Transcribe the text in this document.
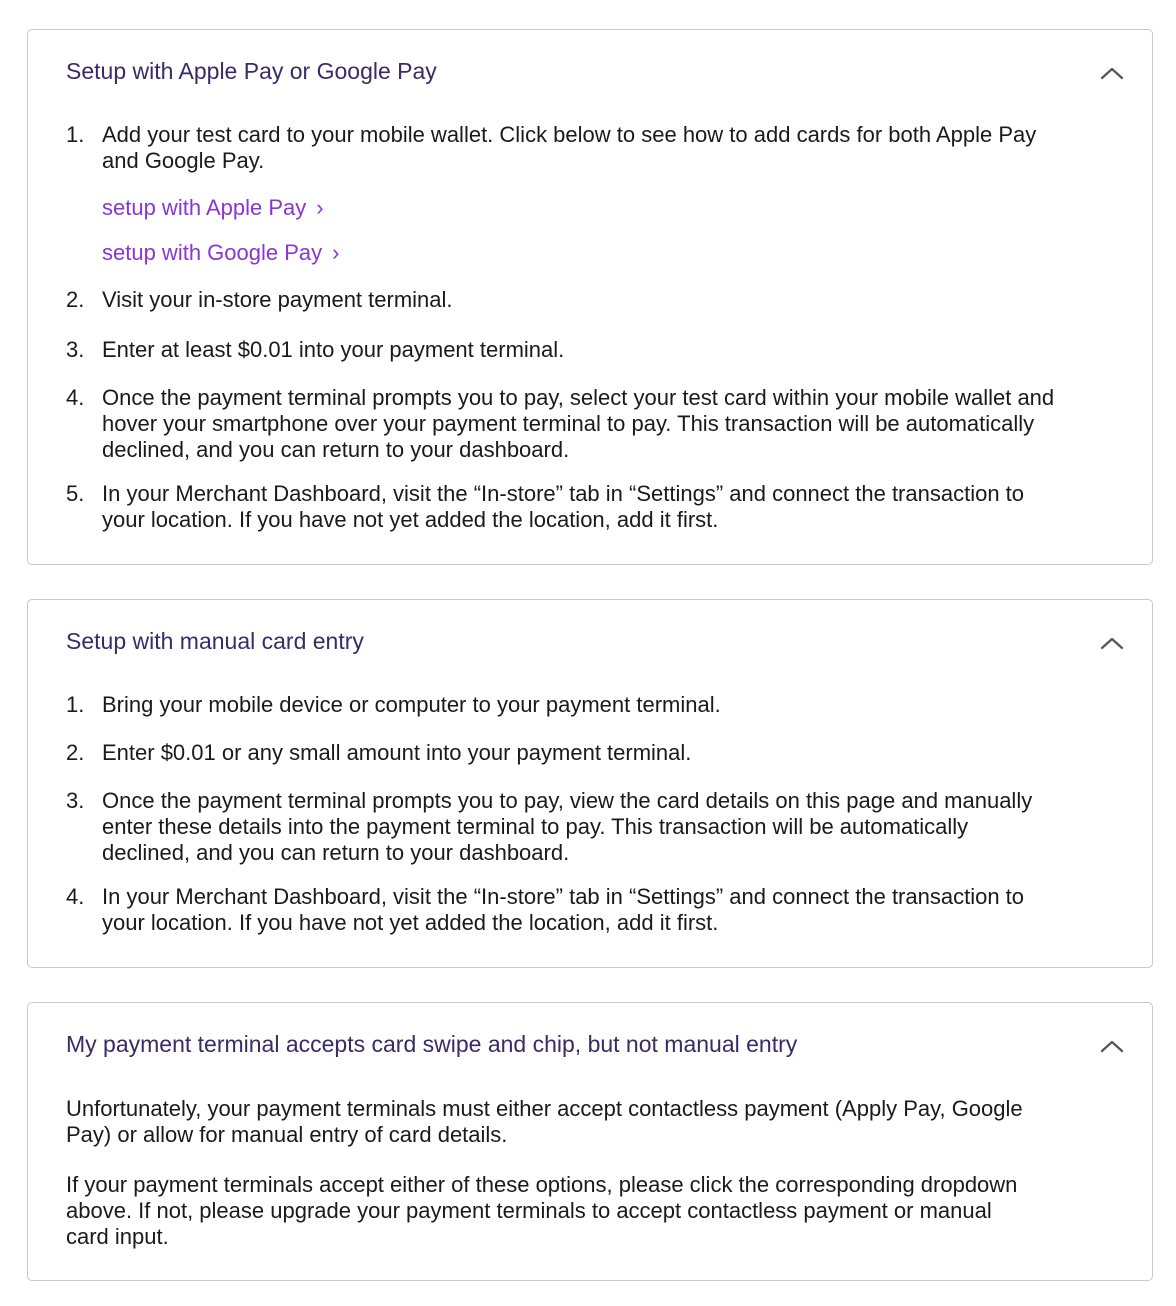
Setup with Apple Pay or Google Pay
1. Add your test card to your mobile wallet. Click below to see how to add cards for both Apple Pay and Google Pay.
2. Visit your in-store payment terminal.
3. Enter at least $0.01 into your payment terminal.
4. Once the payment terminal prompts you to pay, select your test card within your mobile wallet and hover your smartphone over your payment terminal to pay. This transaction will be automatically declined, and you can return to your dashboard.
5. In your Merchant Dashboard, visit the “In-store” tab in “Settings” and connect the transaction to your location. If you have not yet added the location, add it first.
setup with Apple Pay ›
setup with Google Pay ›
Setup with manual card entry
1. Bring your mobile device or computer to your payment terminal.
2. Enter $0.01 or any small amount into your payment terminal.
3. Once the payment terminal prompts you to pay, view the card details on this page and manually enter these details into the payment terminal to pay. This transaction will be automatically declined, and you can return to your dashboard.
4. In your Merchant Dashboard, visit the “In-store” tab in “Settings” and connect the transaction to your location. If you have not yet added the location, add it first.
My payment terminal accepts card swipe and chip, but not manual entry

Unfortunately, your payment terminals must either accept contactless payment (Apply Pay, Google Pay) or allow for manual entry of card details.

If your payment terminals accept either of these options, please click the corresponding dropdown above. If not, please upgrade your payment terminals to accept contactless payment or manual card input.
